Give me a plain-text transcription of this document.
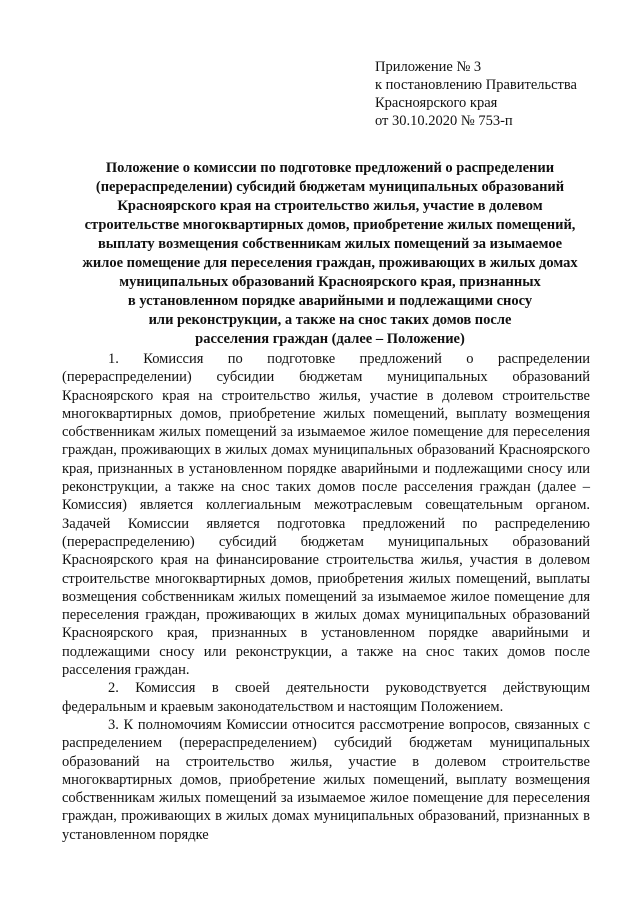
Приложение № 3
к постановлению Правительства
Красноярского края
от 30.10.2020 № 753-п
Положение о комиссии по подготовке предложений о распределении
(перераспределении) субсидий бюджетам муниципальных образований
Красноярского края на строительство жилья, участие в долевом
строительстве многоквартирных домов, приобретение жилых помещений,
выплату возмещения собственникам жилых помещений за изымаемое
жилое помещение для переселения граждан, проживающих в жилых домах
муниципальных образований Красноярского края, признанных
в установленном порядке аварийными и подлежащими сносу
или реконструкции, а также на снос таких домов после
расселения граждан (далее – Положение)

1. Комиссия по подготовке предложений о распределении (перераспределении) субсидии бюджетам муниципальных образований Красноярского края на строительство жилья, участие в долевом строительстве многоквартирных домов, приобретение жилых помещений, выплату возмещения собственникам жилых помещений за изымаемое жилое помещение для переселения граждан, проживающих в жилых домах муниципальных образований Красноярского края, признанных в установленном порядке аварийными и подлежащими сносу или реконструкции, а также на снос таких домов после расселения граждан (далее – Комиссия) является коллегиальным межотраслевым совещательным органом. Задачей Комиссии является подготовка предложений по распределению (перераспределению) субсидий бюджетам муниципальных образований Красноярского края на финансирование строительства жилья, участия в долевом строительстве многоквартирных домов, приобретения жилых помещений, выплаты возмещения собственникам жилых помещений за изымаемое жилое помещение для переселения граждан, проживающих в жилых домах муниципальных образований Красноярского края, признанных в установленном порядке аварийными и подлежащими сносу или реконструкции, а также на снос таких домов после расселения граждан.

2. Комиссия в своей деятельности руководствуется действующим федеральным и краевым законодательством и настоящим Положением.

3. К полномочиям Комиссии относится рассмотрение вопросов, связанных с распределением (перераспределением) субсидий бюджетам муниципальных образований на строительство жилья, участие в долевом строительстве многоквартирных домов, приобретение жилых помещений, выплату возмещения собственникам жилых помещений за изымаемое жилое помещение для переселения граждан, проживающих в жилых домах муниципальных образований, признанных в установленном порядке
